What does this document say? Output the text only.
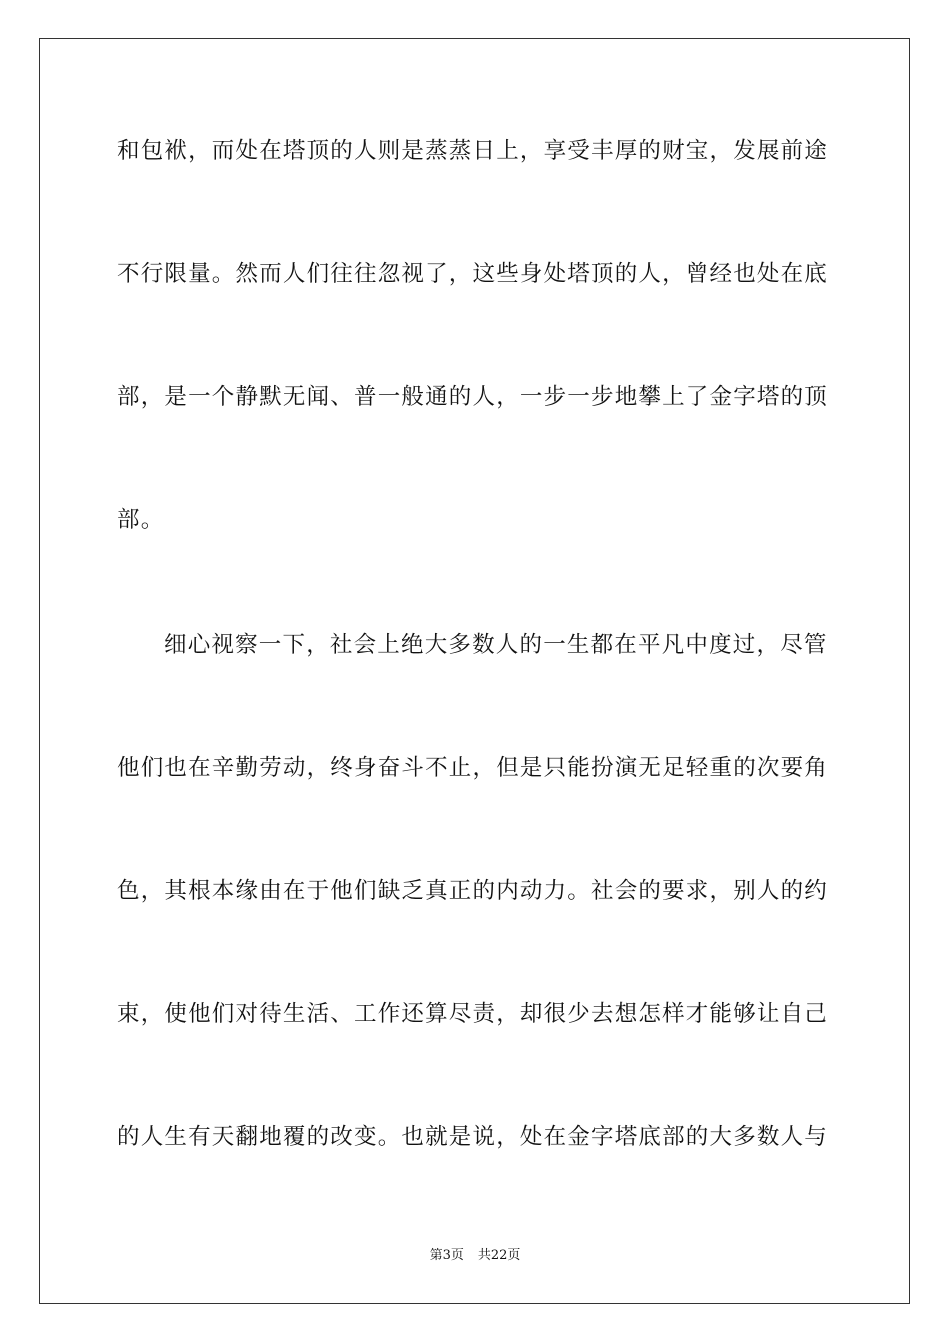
和包袱，而处在塔顶的人则是蒸蒸日上，享受丰厚的财宝，发展前途
不行限量。然而人们往往忽视了，这些身处塔顶的人，曾经也处在底
部，是一个静默无闻、普一般通的人，一步一步地攀上了金字塔的顶
部。
细心视察一下，社会上绝大多数人的一生都在平凡中度过，尽管
他们也在辛勤劳动，终身奋斗不止，但是只能扮演无足轻重的次要角
色，其根本缘由在于他们缺乏真正的内动力。社会的要求，别人的约
束，使他们对待生活、工作还算尽责，却很少去想怎样才能够让自己
的人生有天翻地覆的改变。也就是说，处在金字塔底部的大多数人与
第3页 共22页
